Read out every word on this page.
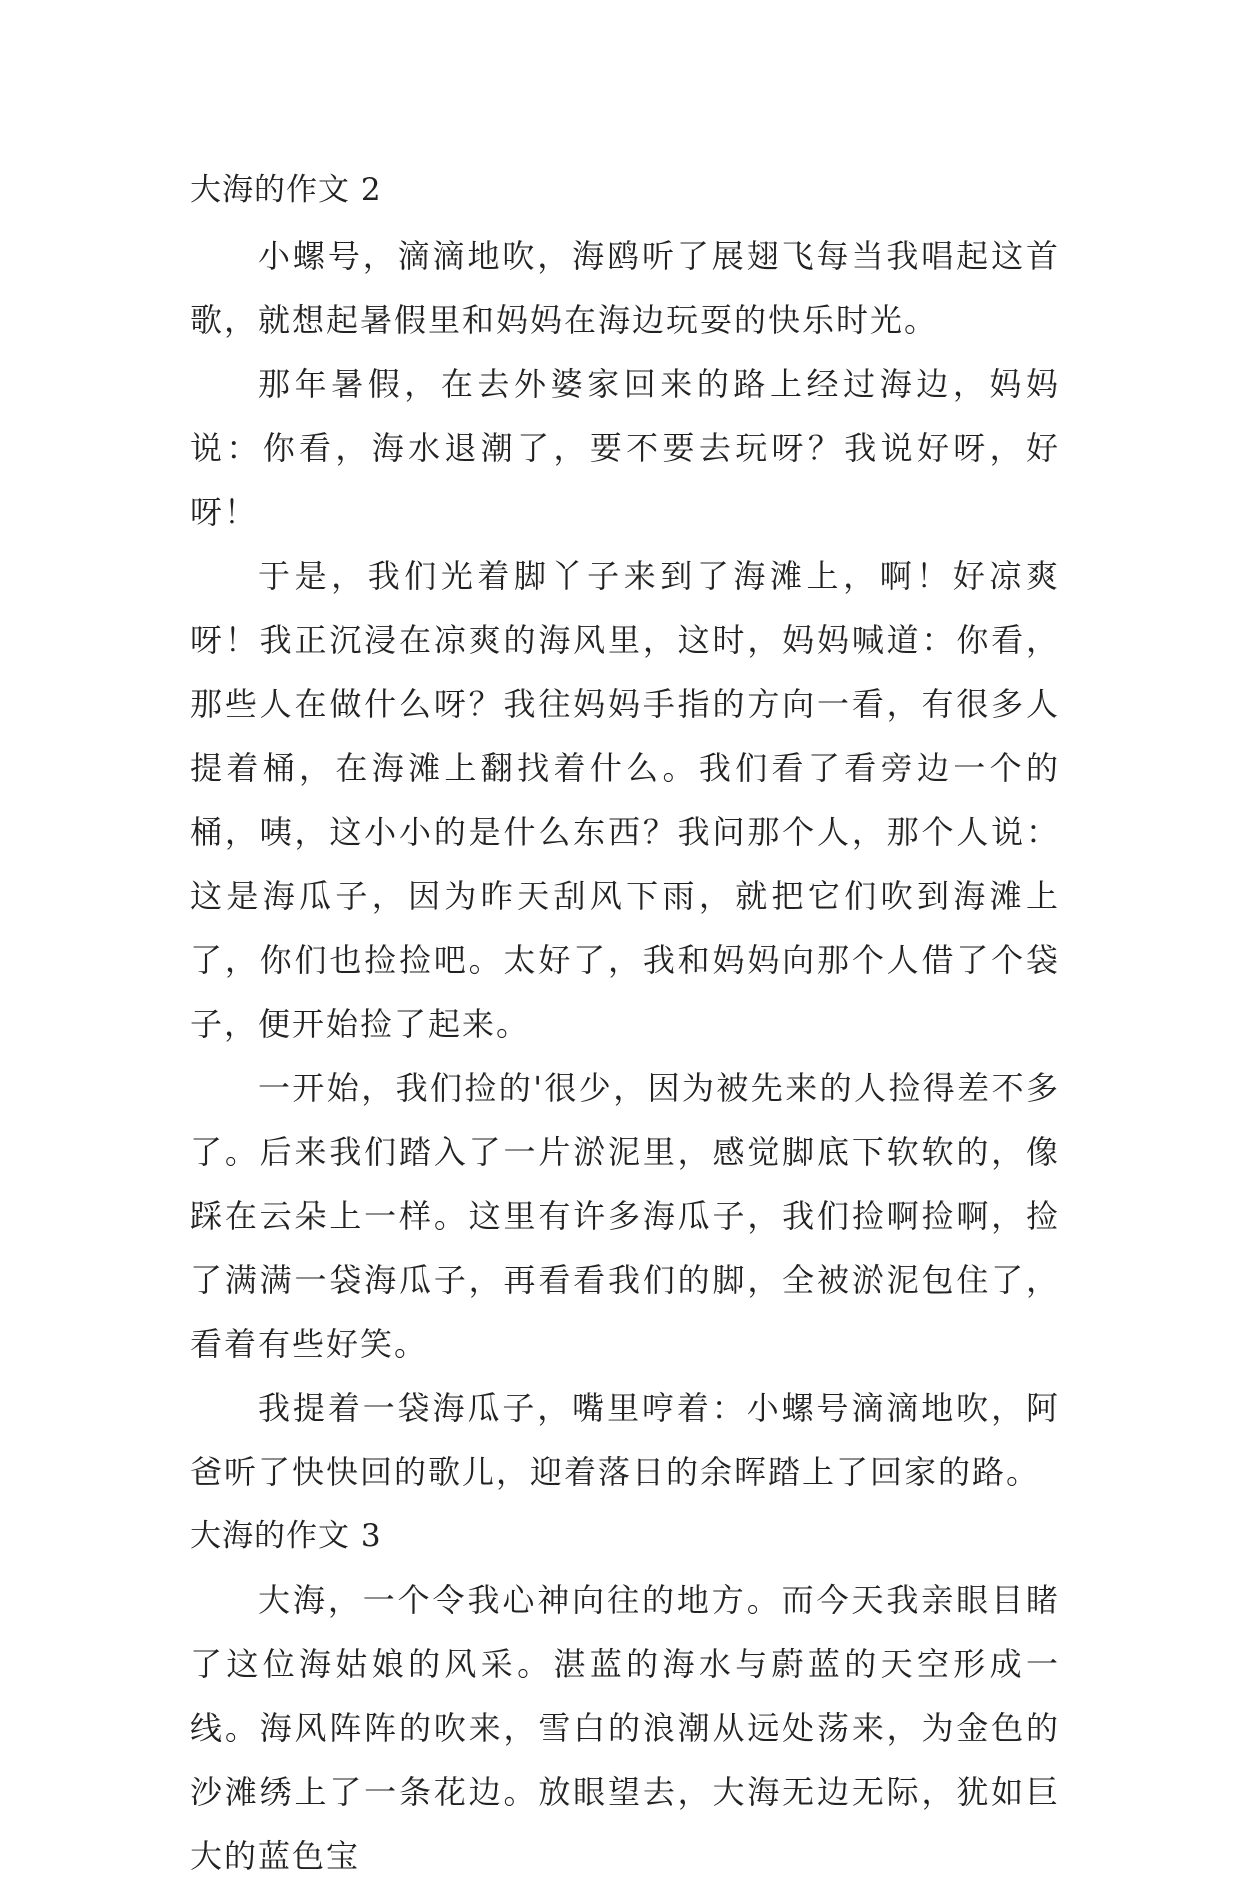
大海的作文 2

小螺号，滴滴地吹，海鸥听了展翅飞每当我唱起这首歌，就想起暑假里和妈妈在海边玩耍的快乐时光。

那年暑假，在去外婆家回来的路上经过海边，妈妈说：你看，海水退潮了，要不要去玩呀？我说好呀，好呀！

于是，我们光着脚丫子来到了海滩上，啊！好凉爽呀！我正沉浸在凉爽的海风里，这时，妈妈喊道：你看，那些人在做什么呀？我往妈妈手指的方向一看，有很多人提着桶，在海滩上翻找着什么。我们看了看旁边一个的桶，咦，这小小的是什么东西？我问那个人，那个人说：这是海瓜子，因为昨天刮风下雨，就把它们吹到海滩上了，你们也捡捡吧。太好了，我和妈妈向那个人借了个袋子，便开始捡了起来。

一开始，我们捡的'很少，因为被先来的人捡得差不多了。后来我们踏入了一片淤泥里，感觉脚底下软软的，像踩在云朵上一样。这里有许多海瓜子，我们捡啊捡啊，捡了满满一袋海瓜子，再看看我们的脚，全被淤泥包住了，看着有些好笑。

我提着一袋海瓜子，嘴里哼着：小螺号滴滴地吹，阿爸听了快快回的歌儿，迎着落日的余晖踏上了回家的路。

大海的作文 3

大海，一个令我心神向往的地方。而今天我亲眼目睹了这位海姑娘的风采。湛蓝的海水与蔚蓝的天空形成一线。海风阵阵的吹来，雪白的浪潮从远处荡来，为金色的沙滩绣上了一条花边。放眼望去，大海无边无际，犹如巨大的蓝色宝
